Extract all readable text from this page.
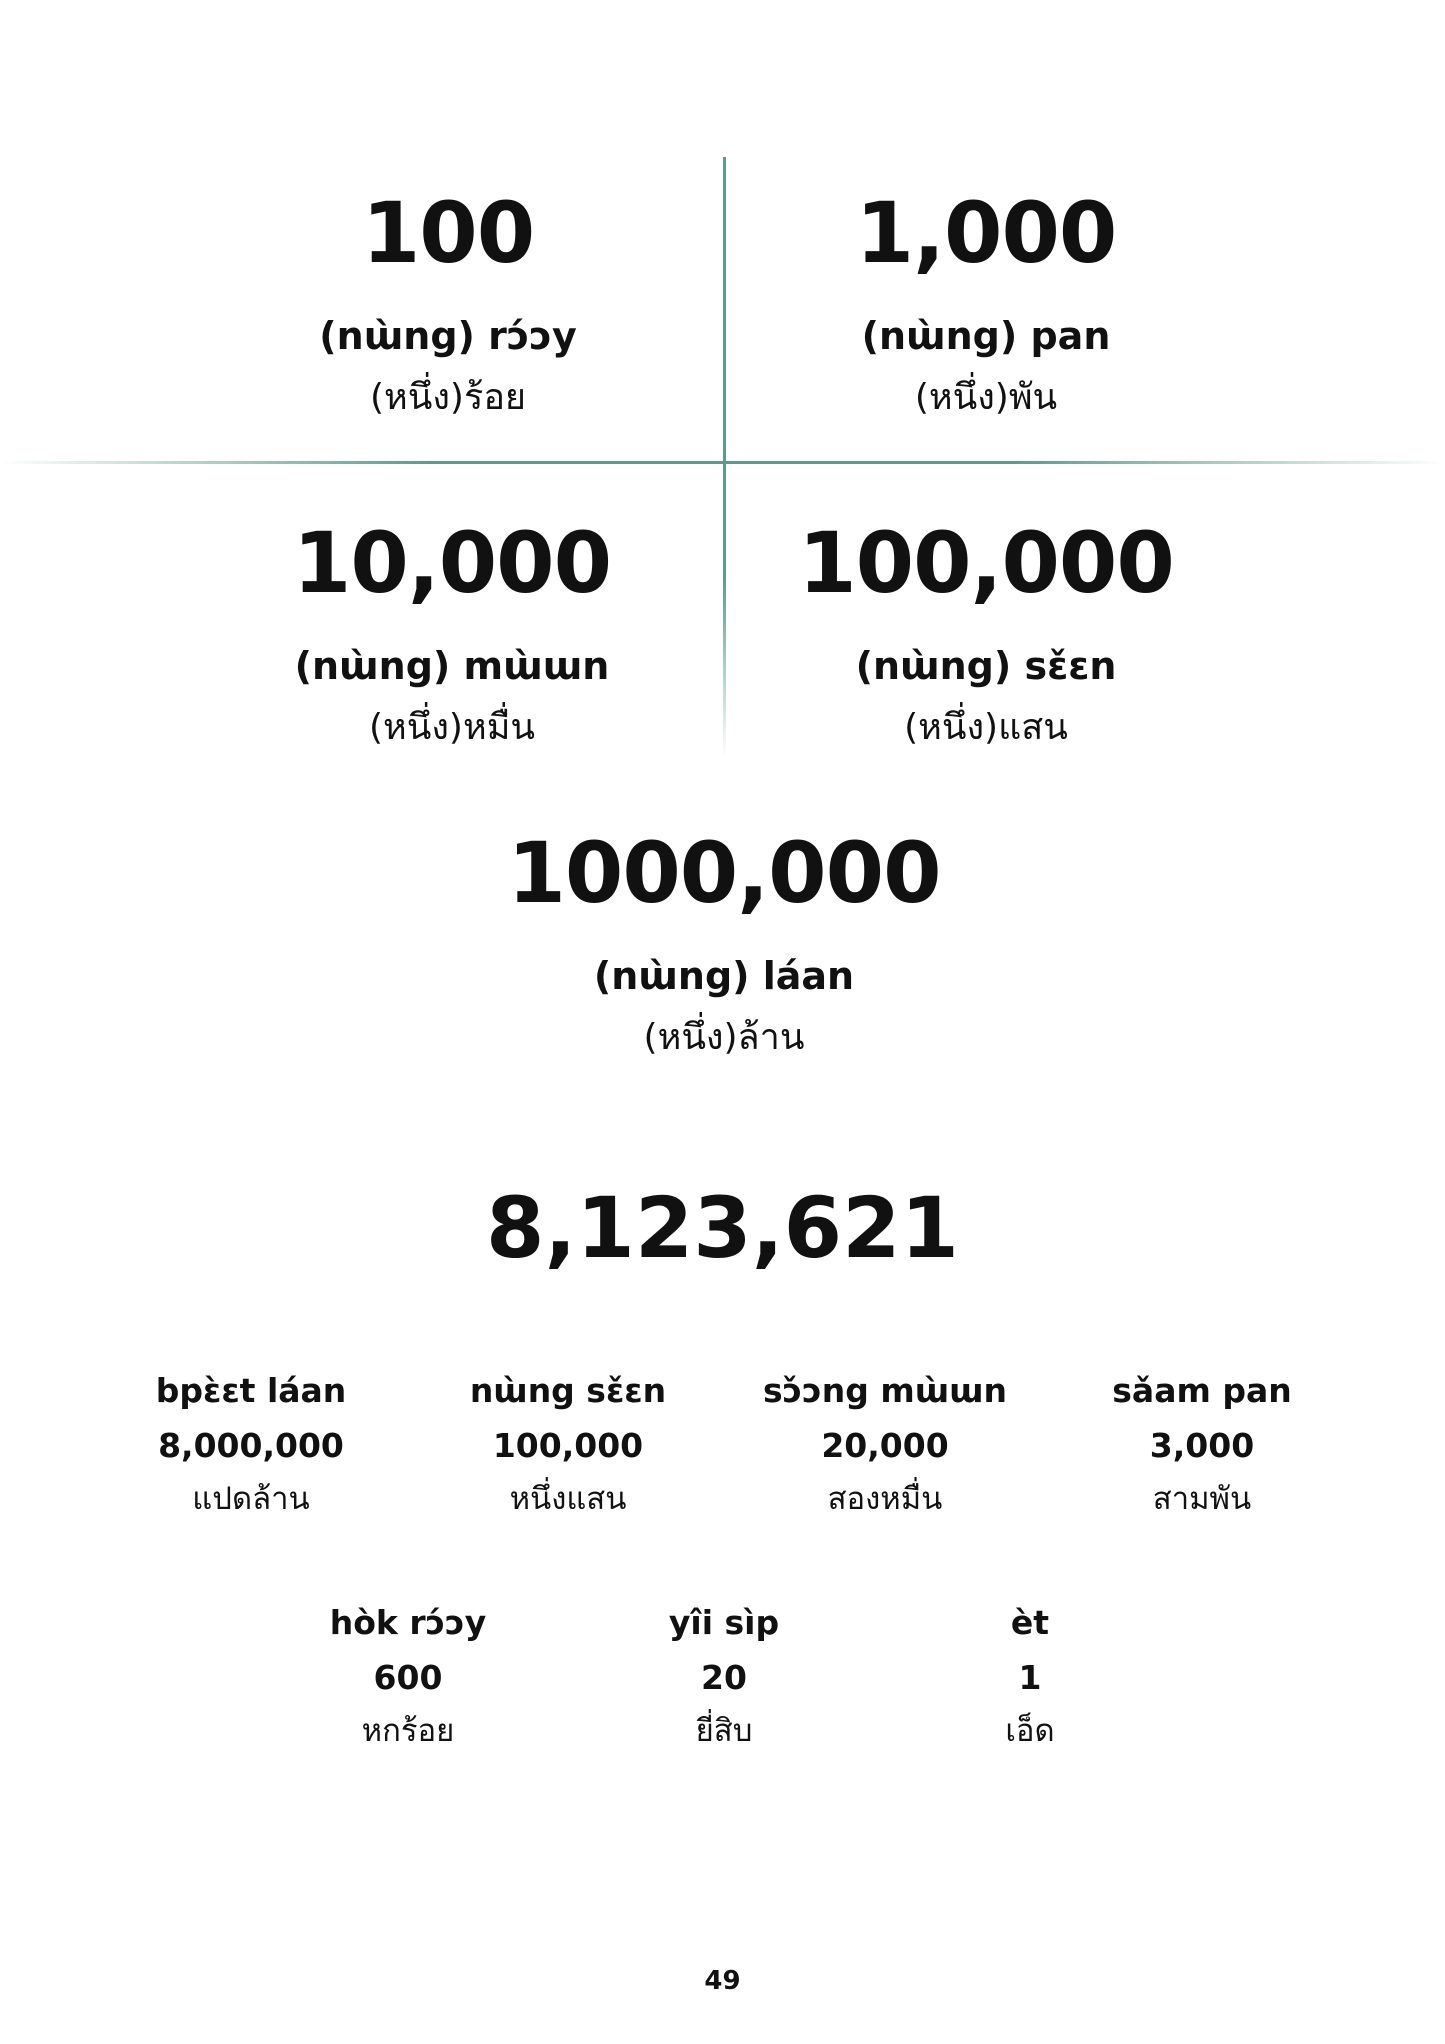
100
(nɯ̀ng) rɔ́ɔy
(หนึ่ง)ร้อย
1,000
(nɯ̀ng) pan
(หนึ่ง)พัน
10,000
(nɯ̀ng) mɯ̀ɯn
(หนึ่ง)หมื่น
100,000
(nɯ̀ng) sɛ̌ɛn
(หนึ่ง)แสน
1000,000
(nɯ̀ng) láan
(หนึ่ง)ล้าน
8,123,621
bpɛ̀ɛt láan
8,000,000
แปดล้าน
nɯ̀ng sɛ̌ɛn
100,000
หนึ่งแสน
sɔ̌ɔng mɯ̀ɯn
20,000
สองหมื่น
sǎam pan
3,000
สามพัน
hòk rɔ́ɔy
600
หกร้อย
yîi sìp
20
ยี่สิบ
èt
1
เอ็ด
49
